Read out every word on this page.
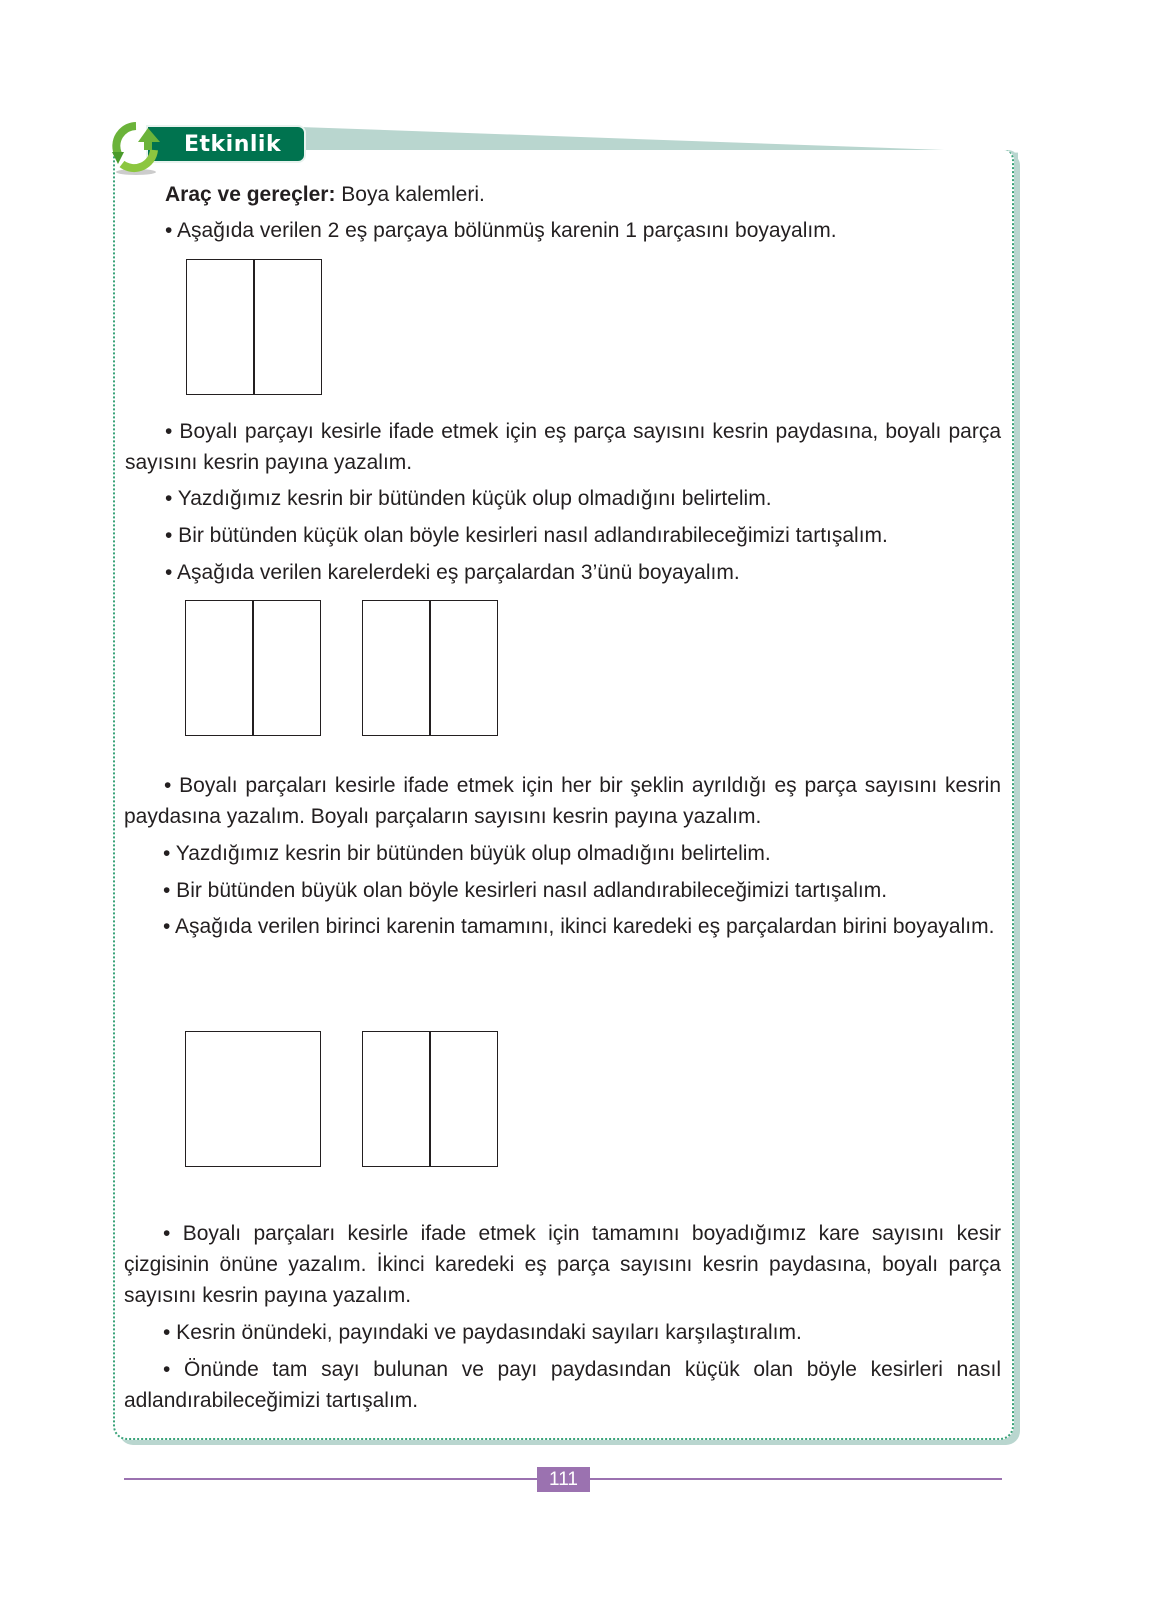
Etkinlik
Araç ve gereçler: Boya kalemleri.
• Aşağıda verilen 2 eş parçaya bölünmüş karenin 1 parçasını boyayalım.
• Boyalı parçayı kesirle ifade etmek için eş parça sayısını kesrin paydasına, boyalı parça sayısını kesrin payına yazalım.
• Yazdığımız kesrin bir bütünden küçük olup olmadığını belirtelim.
• Bir bütünden küçük olan böyle kesirleri nasıl adlandırabileceğimizi tartışalım.
• Aşağıda verilen karelerdeki eş parçalardan 3’ünü boyayalım.
• Boyalı parçaları kesirle ifade etmek için her bir şeklin ayrıldığı eş parça sayısını kesrin paydasına yazalım. Boyalı parçaların sayısını kesrin payına yazalım.
• Yazdığımız kesrin bir bütünden büyük olup olmadığını belirtelim.
• Bir bütünden büyük olan böyle kesirleri nasıl adlandırabileceğimizi tartışalım.
• Aşağıda verilen birinci karenin tamamını, ikinci karedeki eş parçalardan birini boyayalım.
• Boyalı parçaları kesirle ifade etmek için tamamını boyadığımız kare sayısını kesir çizgisinin önüne yazalım. İkinci karedeki eş parça sayısını kesrin paydasına, boyalı parça sayısını kesrin payına yazalım.
• Kesrin önündeki, payındaki ve paydasındaki sayıları karşılaştıralım.
• Önünde tam sayı bulunan ve payı paydasından küçük olan böyle kesirleri nasıl adlandırabileceğimizi tartışalım.
111
